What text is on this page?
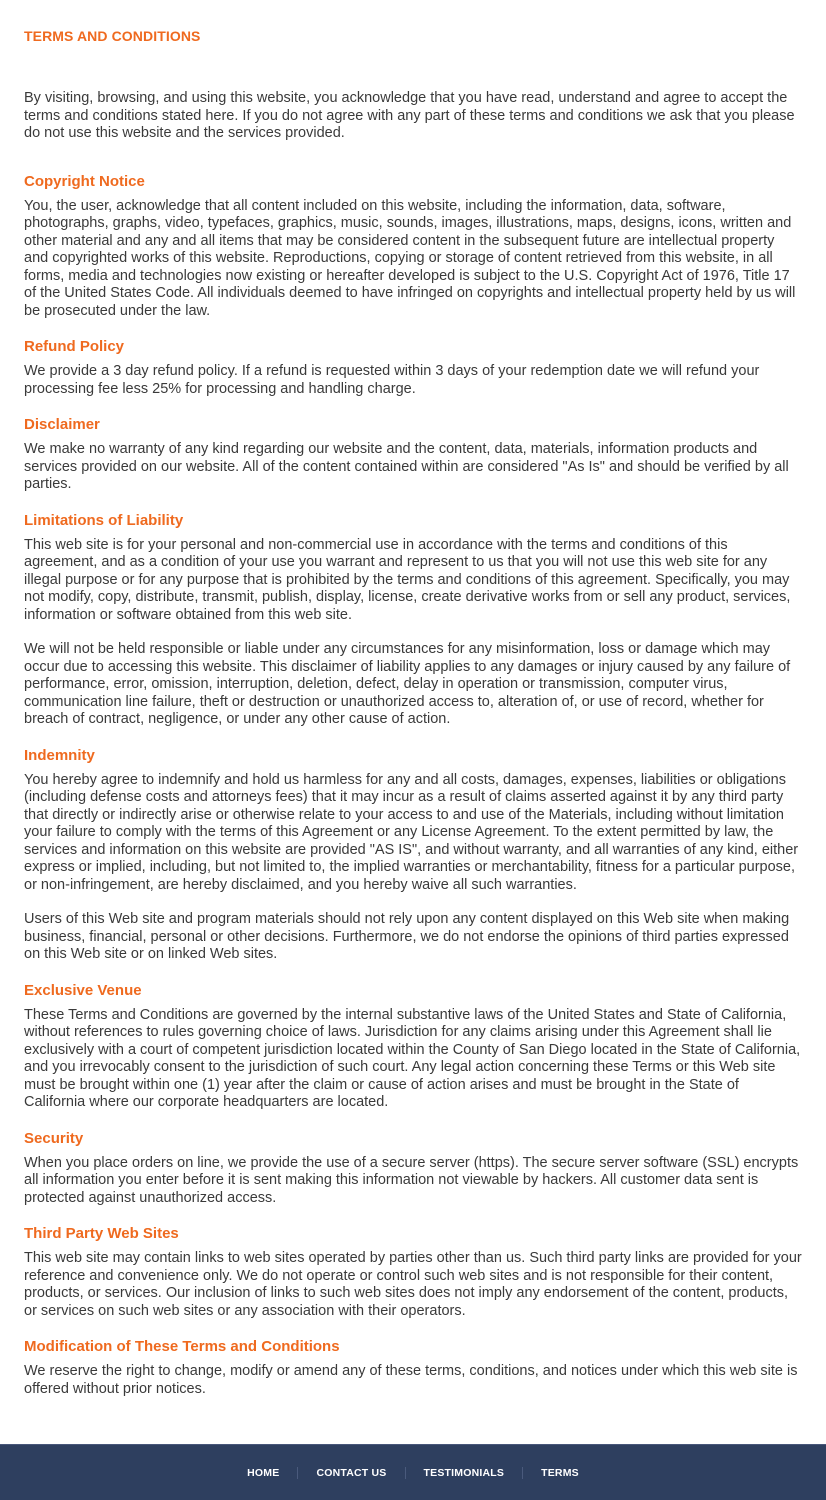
TERMS AND CONDITIONS

By visiting, browsing, and using this website, you acknowledge that you have read, understand and agree to accept the terms and conditions stated here. If you do not agree with any part of these terms and conditions we ask that you please do not use this website and the services provided.

Copyright Notice

You, the user, acknowledge that all content included on this website, including the information, data, software, photographs, graphs, video, typefaces, graphics, music, sounds, images, illustrations, maps, designs, icons, written and other material and any and all items that may be considered content in the subsequent future are intellectual property and copyrighted works of this website. Reproductions, copying or storage of content retrieved from this website, in all forms, media and technologies now existing or hereafter developed is subject to the U.S. Copyright Act of 1976, Title 17 of the United States Code. All individuals deemed to have infringed on copyrights and intellectual property held by us will be prosecuted under the law.

Refund Policy

We provide a 3 day refund policy. If a refund is requested within 3 days of your redemption date we will refund your processing fee less 25% for processing and handling charge.

Disclaimer

We make no warranty of any kind regarding our website and the content, data, materials, information products and services provided on our website. All of the content contained within are considered "As Is" and should be verified by all parties.

Limitations of Liability

This web site is for your personal and non-commercial use in accordance with the terms and conditions of this agreement, and as a condition of your use you warrant and represent to us that you will not use this web site for any illegal purpose or for any purpose that is prohibited by the terms and conditions of this agreement. Specifically, you may not modify, copy, distribute, transmit, publish, display, license, create derivative works from or sell any product, services, information or software obtained from this web site.

We will not be held responsible or liable under any circumstances for any misinformation, loss or damage which may occur due to accessing this website. This disclaimer of liability applies to any damages or injury caused by any failure of performance, error, omission, interruption, deletion, defect, delay in operation or transmission, computer virus, communication line failure, theft or destruction or unauthorized access to, alteration of, or use of record, whether for breach of contract, negligence, or under any other cause of action.

Indemnity

You hereby agree to indemnify and hold us harmless for any and all costs, damages, expenses, liabilities or obligations (including defense costs and attorneys fees) that it may incur as a result of claims asserted against it by any third party that directly or indirectly arise or otherwise relate to your access to and use of the Materials, including without limitation your failure to comply with the terms of this Agreement or any License Agreement. To the extent permitted by law, the services and information on this website are provided "AS IS", and without warranty, and all warranties of any kind, either express or implied, including, but not limited to, the implied warranties or merchantability, fitness for a particular purpose, or non-infringement, are hereby disclaimed, and you hereby waive all such warranties.

Users of this Web site and program materials should not rely upon any content displayed on this Web site when making business, financial, personal or other decisions. Furthermore, we do not endorse the opinions of third parties expressed on this Web site or on linked Web sites.

Exclusive Venue

These Terms and Conditions are governed by the internal substantive laws of the United States and State of California, without references to rules governing choice of laws. Jurisdiction for any claims arising under this Agreement shall lie exclusively with a court of competent jurisdiction located within the County of San Diego located in the State of California, and you irrevocably consent to the jurisdiction of such court. Any legal action concerning these Terms or this Web site must be brought within one (1) year after the claim or cause of action arises and must be brought in the State of California where our corporate headquarters are located.

Security

When you place orders on line, we provide the use of a secure server (https). The secure server software (SSL) encrypts all information you enter before it is sent making this information not viewable by hackers. All customer data sent is protected against unauthorized access.

Third Party Web Sites

This web site may contain links to web sites operated by parties other than us. Such third party links are provided for your reference and convenience only. We do not operate or control such web sites and is not responsible for their content, products, or services. Our inclusion of links to such web sites does not imply any endorsement of the content, products, or services on such web sites or any association with their operators.

Modification of These Terms and Conditions

We reserve the right to change, modify or amend any of these terms, conditions, and notices under which this web site is offered without prior notices.

HOME	CONTACT US	TESTIMONIALS	TERMS
